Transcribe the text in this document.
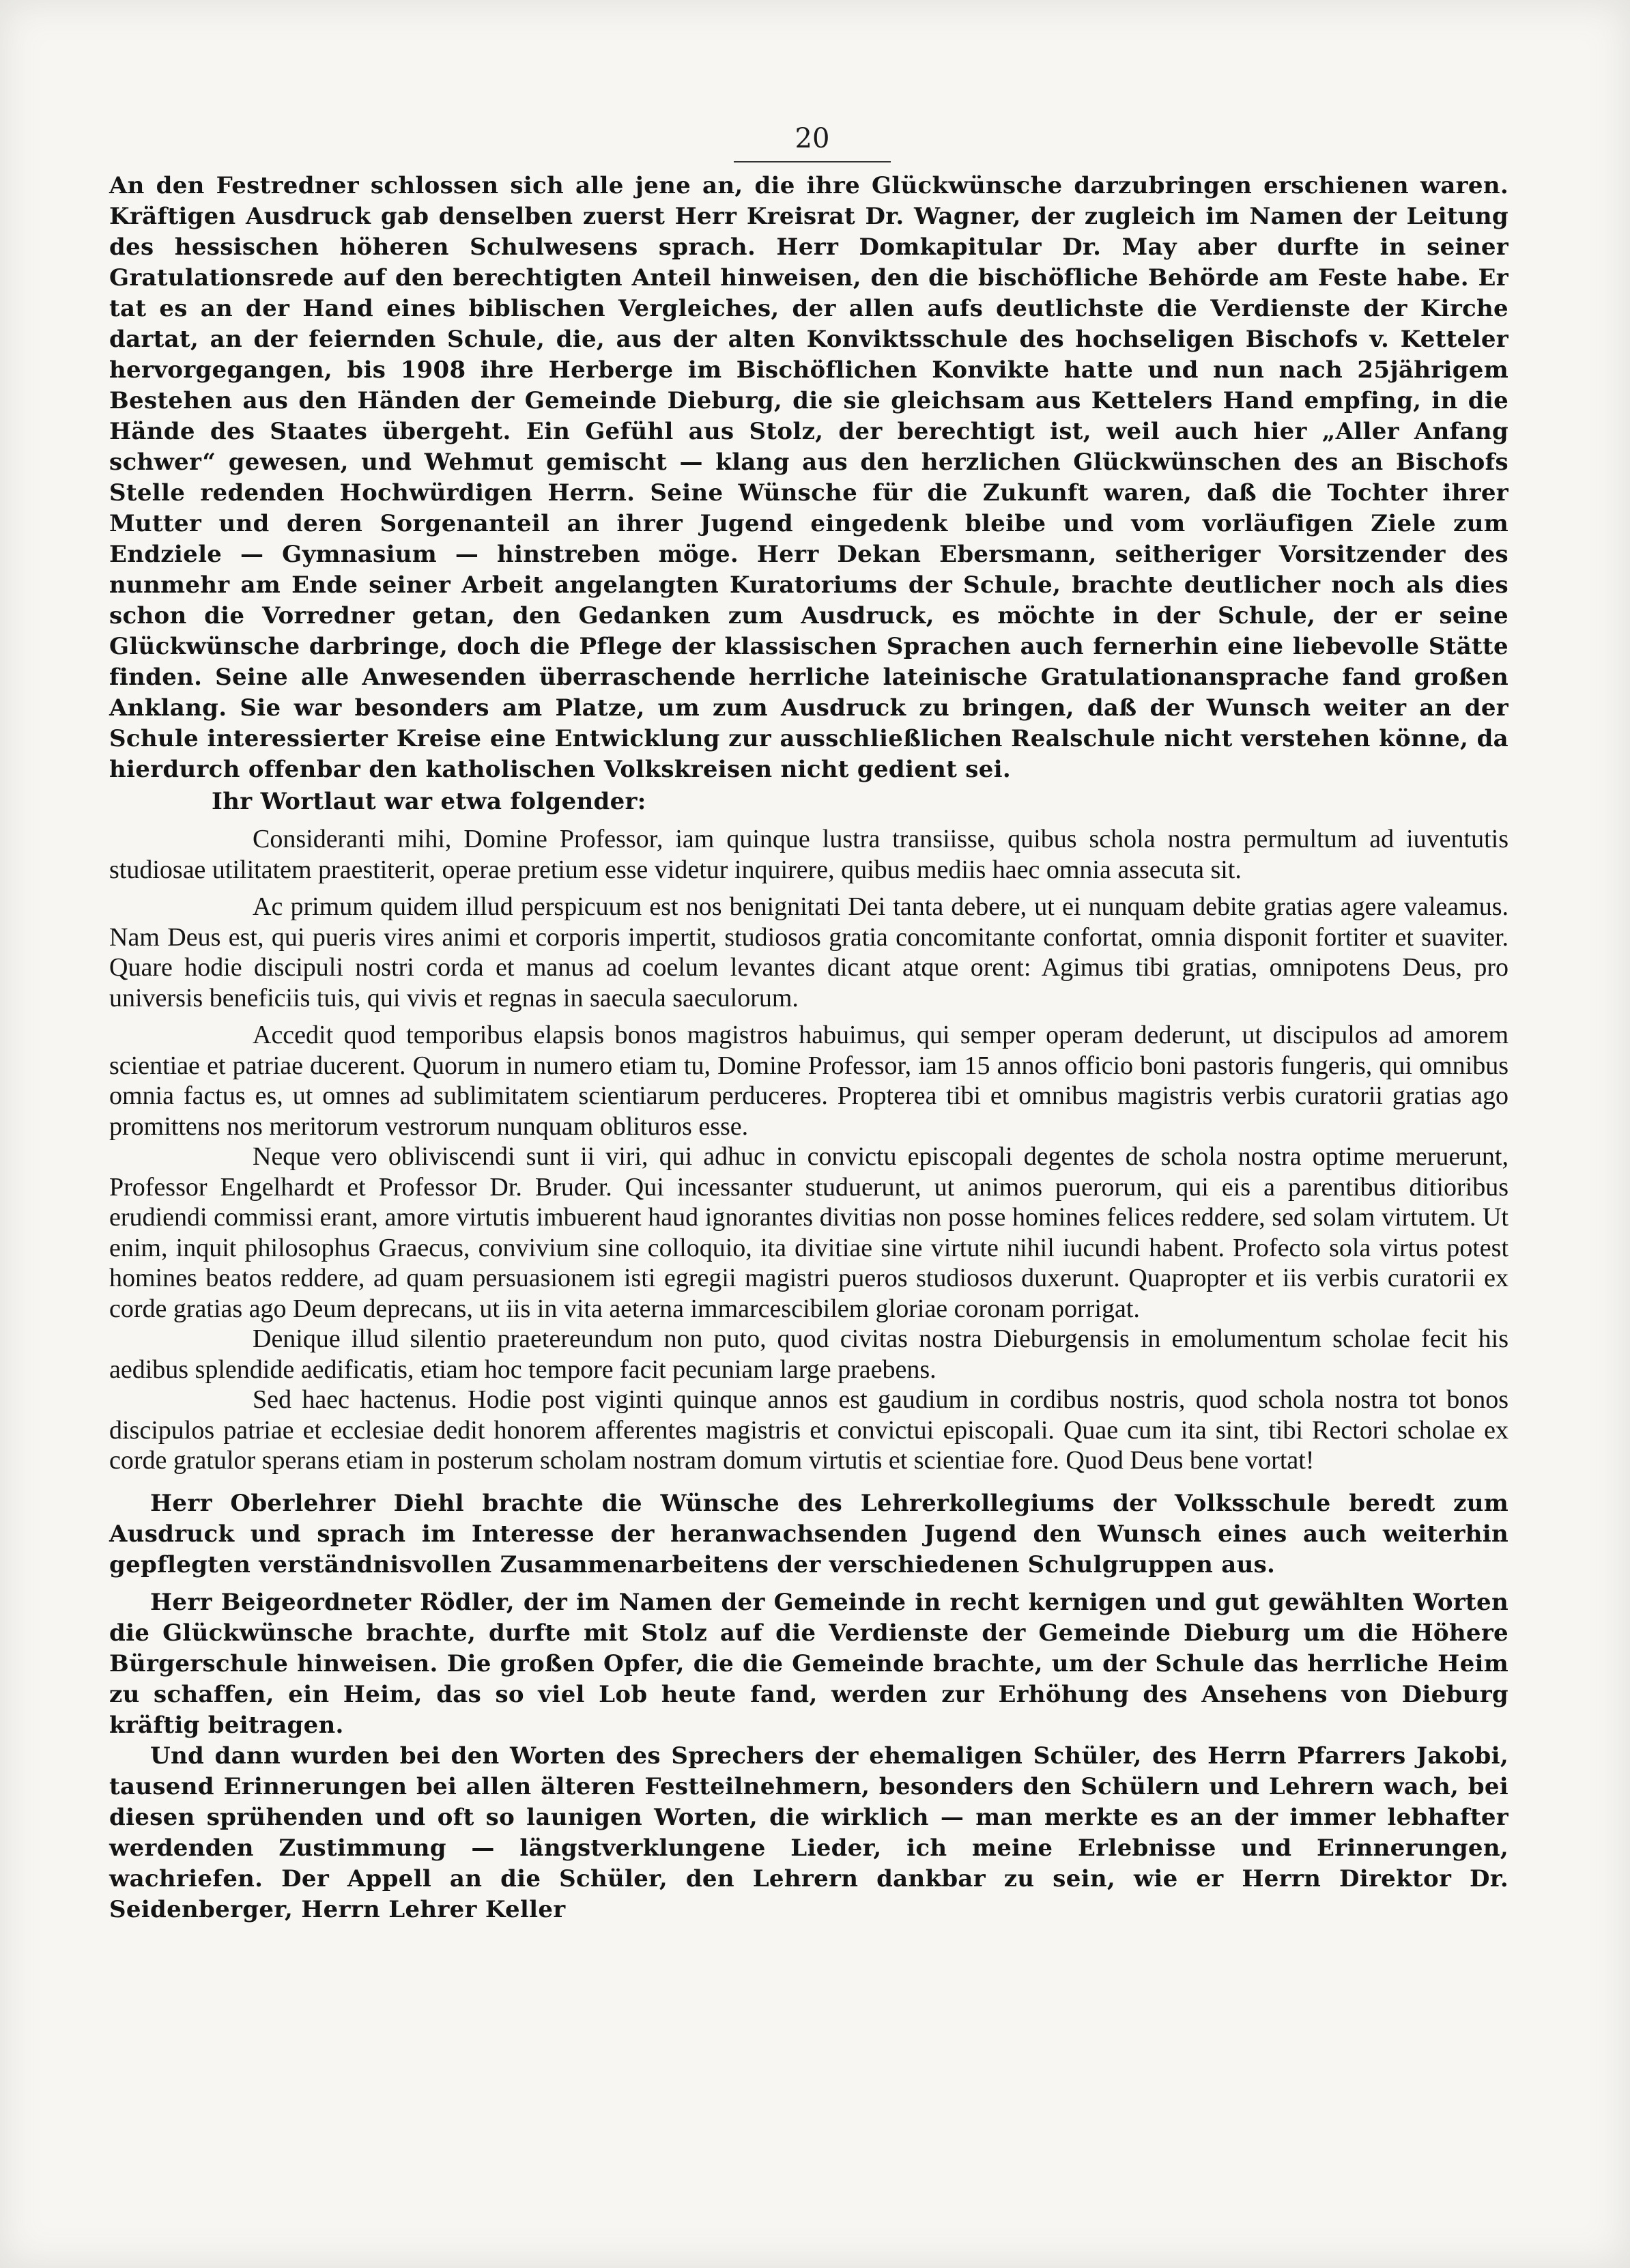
20

An den Festredner schlossen sich alle jene an, die ihre Glückwünsche darzubringen erschienen waren. Kräftigen Ausdruck gab denselben zuerst Herr Kreisrat Dr. Wagner, der zugleich im Namen der Leitung des hessischen höheren Schulwesens sprach. Herr Domkapitular Dr. May aber durfte in seiner Gratulationsrede auf den berechtigten Anteil hinweisen, den die bischöfliche Behörde am Feste habe. Er tat es an der Hand eines biblischen Vergleiches, der allen aufs deutlichste die Verdienste der Kirche dartat, an der feiernden Schule, die, aus der alten Konviktsschule des hochseligen Bischofs v. Ketteler hervorgegangen, bis 1908 ihre Herberge im Bischöflichen Konvikte hatte und nun nach 25jährigem Bestehen aus den Händen der Gemeinde Dieburg, die sie gleichsam aus Kettelers Hand empfing, in die Hände des Staates übergeht. Ein Gefühl aus Stolz, der berechtigt ist, weil auch hier „Aller Anfang schwer“ gewesen, und Wehmut gemischt — klang aus den herzlichen Glückwünschen des an Bischofs Stelle redenden Hochwürdigen Herrn. Seine Wünsche für die Zukunft waren, daß die Tochter ihrer Mutter und deren Sorgenanteil an ihrer Jugend eingedenk bleibe und vom vorläufigen Ziele zum Endziele — Gymnasium — hinstreben möge. Herr Dekan Ebersmann, seitheriger Vorsitzender des nunmehr am Ende seiner Arbeit angelangten Kuratoriums der Schule, brachte deutlicher noch als dies schon die Vorredner getan, den Gedanken zum Ausdruck, es möchte in der Schule, der er seine Glückwünsche darbringe, doch die Pflege der klassischen Sprachen auch fernerhin eine liebevolle Stätte finden. Seine alle Anwesenden überraschende herrliche lateinische Gratulationansprache fand großen Anklang. Sie war besonders am Platze, um zum Ausdruck zu bringen, daß der Wunsch weiter an der Schule interessierter Kreise eine Entwicklung zur ausschließlichen Realschule nicht verstehen könne, da hierdurch offenbar den katholischen Volkskreisen nicht gedient sei.

Ihr Wortlaut war etwa folgender:

Consideranti mihi, Domine Professor, iam quinque lustra transiisse, quibus schola nostra permultum ad iuventutis studiosae utilitatem praestiterit, operae pretium esse videtur inquirere, quibus mediis haec omnia assecuta sit.

Ac primum quidem illud perspicuum est nos benignitati Dei tanta debere, ut ei nunquam debite gratias agere valeamus. Nam Deus est, qui pueris vires animi et corporis impertit, studiosos gratia concomitante confortat, omnia disponit fortiter et suaviter. Quare hodie discipuli nostri corda et manus ad coelum levantes dicant atque orent: Agimus tibi gratias, omnipotens Deus, pro universis beneficiis tuis, qui vivis et regnas in saecula saeculorum.

Accedit quod temporibus elapsis bonos magistros habuimus, qui semper operam dederunt, ut discipulos ad amorem scientiae et patriae ducerent. Quorum in numero etiam tu, Domine Professor, iam 15 annos officio boni pastoris fungeris, qui omnibus omnia factus es, ut omnes ad sublimitatem scientiarum perduceres. Propterea tibi et omnibus magistris verbis curatorii gratias ago promittens nos meritorum vestrorum nunquam oblituros esse.

Neque vero obliviscendi sunt ii viri, qui adhuc in convictu episcopali degentes de schola nostra optime meruerunt, Professor Engelhardt et Professor Dr. Bruder. Qui incessanter studuerunt, ut animos puerorum, qui eis a parentibus ditioribus erudiendi commissi erant, amore virtutis imbuerent haud ignorantes divitias non posse homines felices reddere, sed solam virtutem. Ut enim, inquit philosophus Graecus, convivium sine colloquio, ita divitiae sine virtute nihil iucundi habent. Profecto sola virtus potest homines beatos reddere, ad quam persuasionem isti egregii magistri pueros studiosos duxerunt. Quapropter et iis verbis curatorii ex corde gratias ago Deum deprecans, ut iis in vita aeterna immarcescibilem gloriae coronam porrigat.

Denique illud silentio praetereundum non puto, quod civitas nostra Dieburgensis in emolumentum scholae fecit his aedibus splendide aedificatis, etiam hoc tempore facit pecuniam large praebens.

Sed haec hactenus. Hodie post viginti quinque annos est gaudium in cordibus nostris, quod schola nostra tot bonos discipulos patriae et ecclesiae dedit honorem afferentes magistris et convictui episcopali. Quae cum ita sint, tibi Rectori scholae ex corde gratulor sperans etiam in posterum scholam nostram domum virtutis et scientiae fore. Quod Deus bene vortat!

Herr Oberlehrer Diehl brachte die Wünsche des Lehrerkollegiums der Volksschule beredt zum Ausdruck und sprach im Interesse der heranwachsenden Jugend den Wunsch eines auch weiterhin gepflegten verständnisvollen Zusammenarbeitens der verschiedenen Schulgruppen aus.

Herr Beigeordneter Rödler, der im Namen der Gemeinde in recht kernigen und gut gewählten Worten die Glückwünsche brachte, durfte mit Stolz auf die Verdienste der Gemeinde Dieburg um die Höhere Bürgerschule hinweisen. Die großen Opfer, die die Gemeinde brachte, um der Schule das herrliche Heim zu schaffen, ein Heim, das so viel Lob heute fand, werden zur Erhöhung des Ansehens von Dieburg kräftig beitragen.

Und dann wurden bei den Worten des Sprechers der ehemaligen Schüler, des Herrn Pfarrers Jakobi, tausend Erinnerungen bei allen älteren Festteilnehmern, besonders den Schülern und Lehrern wach, bei diesen sprühenden und oft so launigen Worten, die wirklich — man merkte es an der immer lebhafter werdenden Zustimmung — längstverklungene Lieder, ich meine Erlebnisse und Erinnerungen, wachriefen. Der Appell an die Schüler, den Lehrern dankbar zu sein, wie er Herrn Direktor Dr. Seidenberger, Herrn Lehrer Keller
